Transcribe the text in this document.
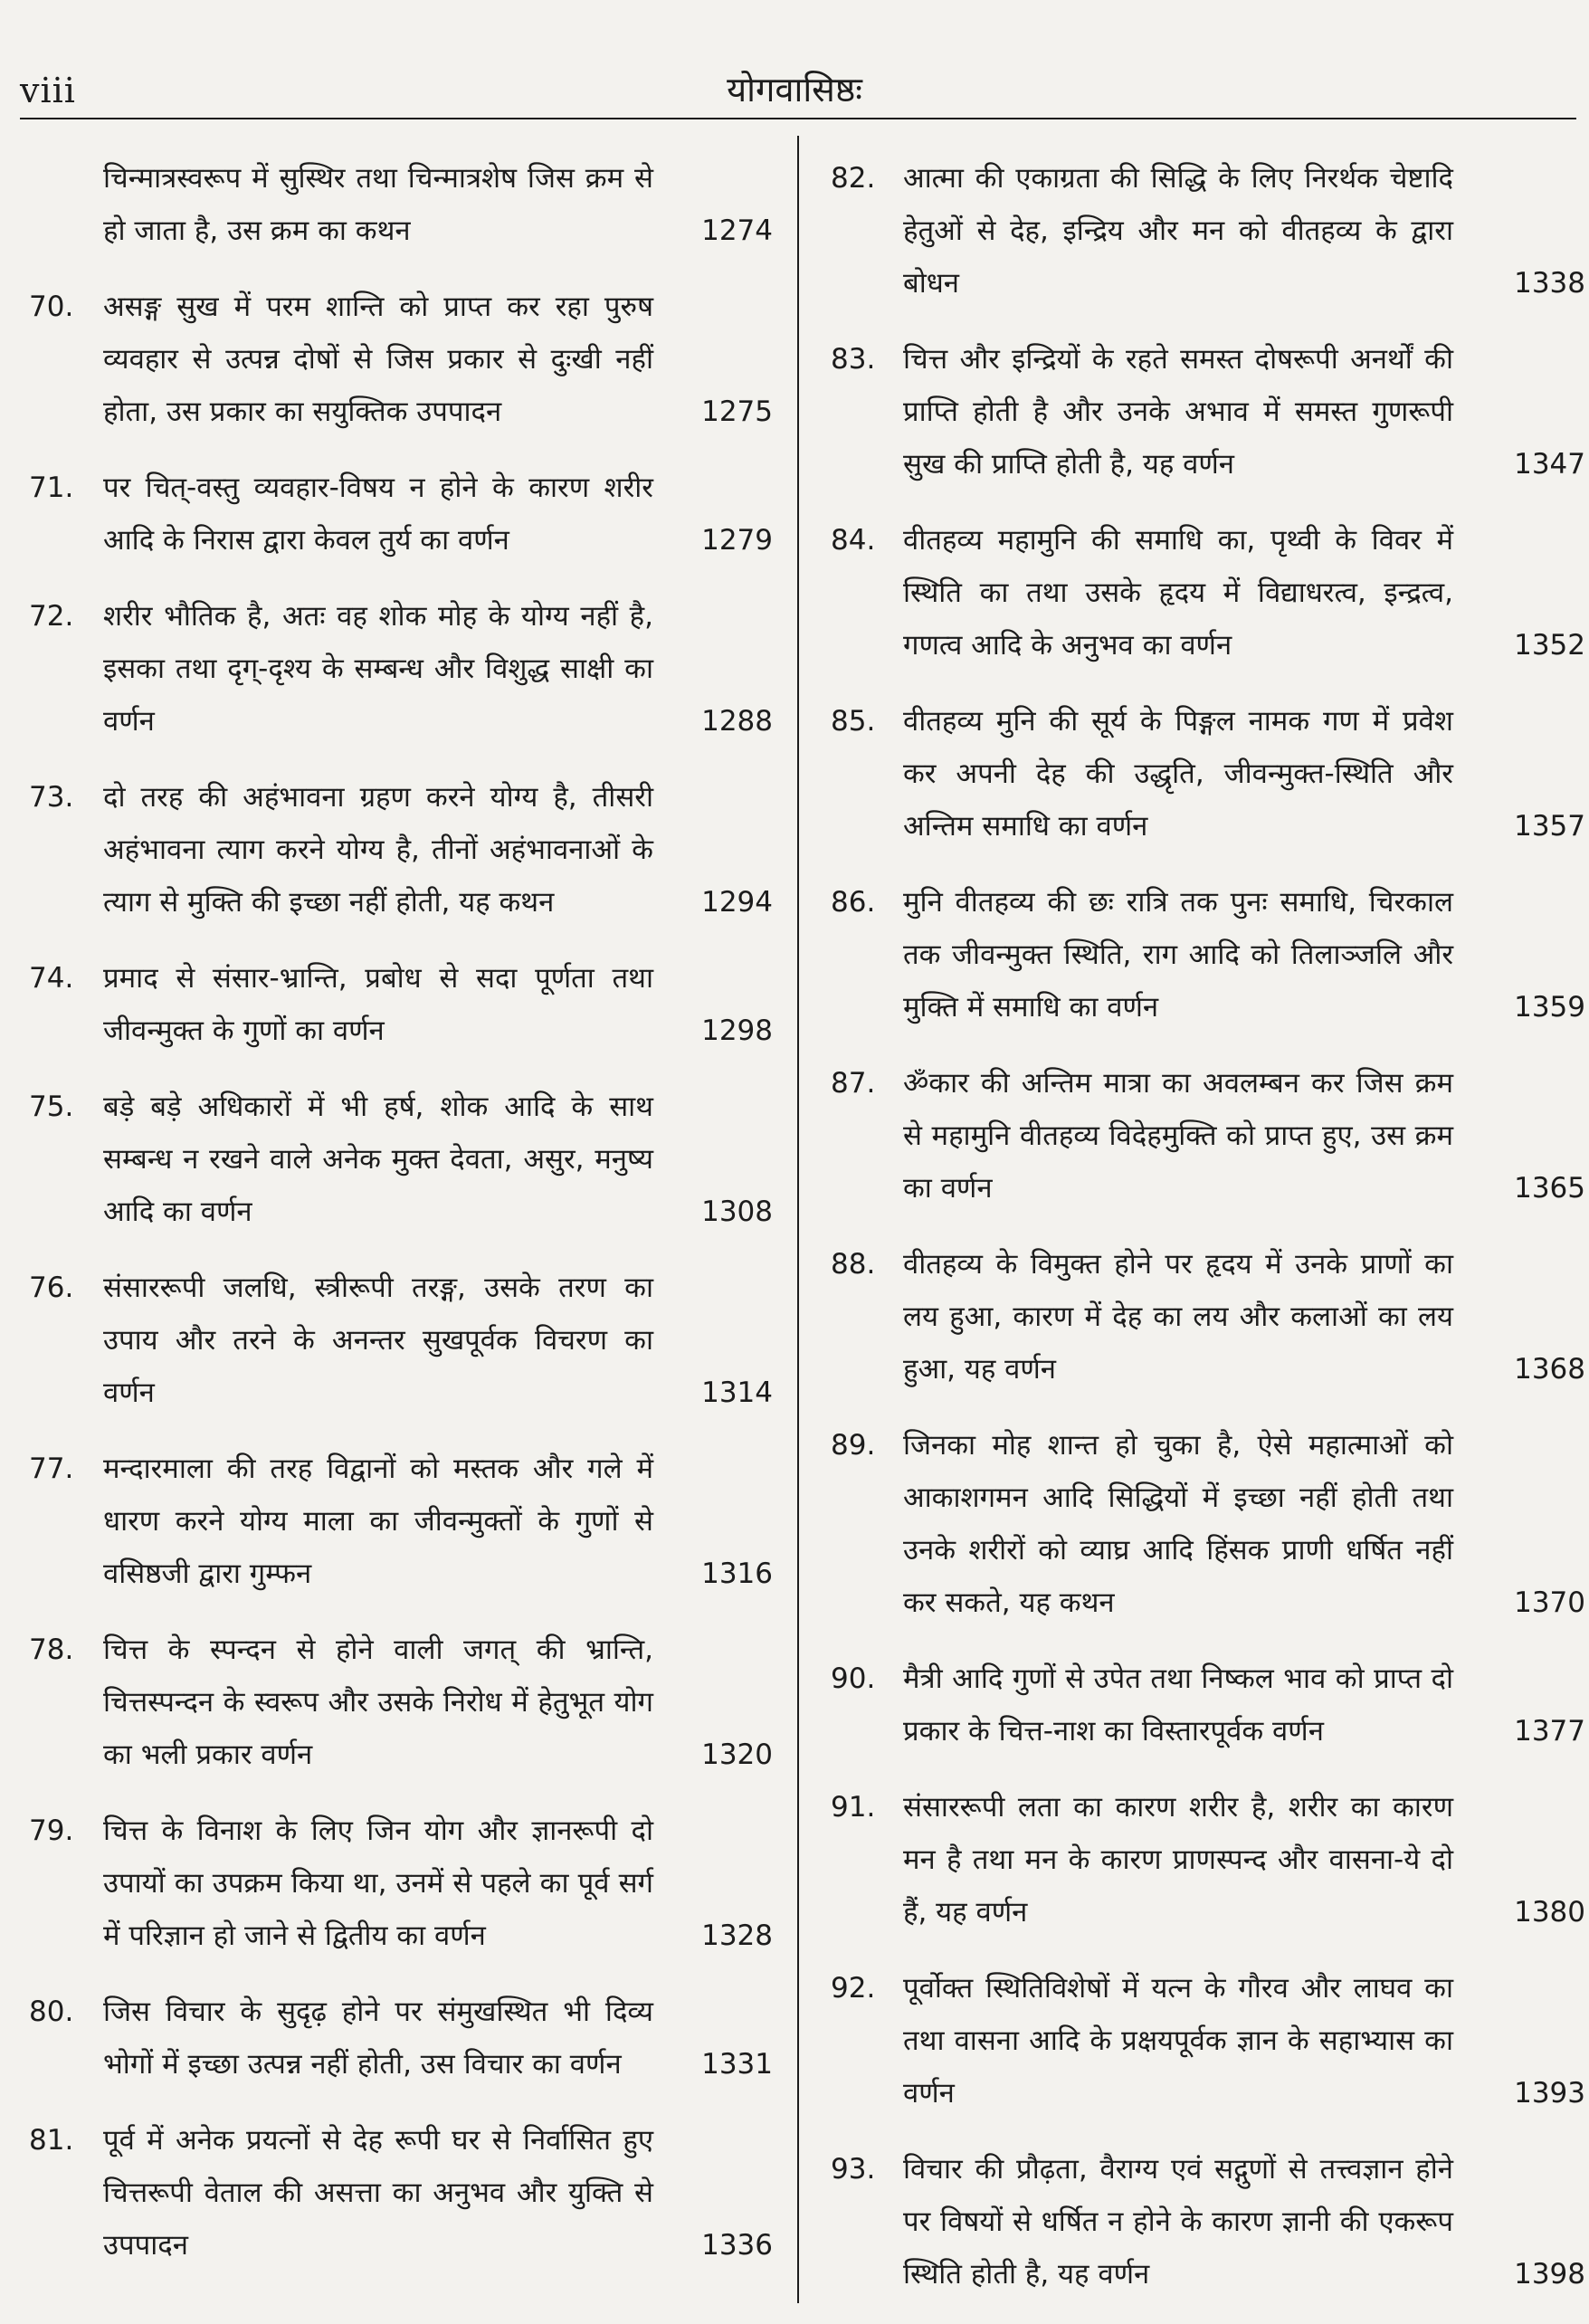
viii	योगवासिष्ठः
चिन्मात्रस्वरूप में सुस्थिर तथा चिन्मात्रशेष जिस क्रम से हो जाता है, उस क्रम का कथन	1274
70. असङ्ग सुख में परम शान्ति को प्राप्त कर रहा पुरुष व्यवहार से उत्पन्न दोषों से जिस प्रकार से दुःखी नहीं होता, उस प्रकार का सयुक्तिक उपपादन	1275
71. पर चित्-वस्तु व्यवहार-विषय न होने के कारण शरीर आदि के निरास द्वारा केवल तुर्य का वर्णन	1279
72. शरीर भौतिक है, अतः वह शोक मोह के योग्य नहीं है, इसका तथा दृग्-दृश्य के सम्बन्ध और विशुद्ध साक्षी का वर्णन	1288
73. दो तरह की अहंभावना ग्रहण करने योग्य है, तीसरी अहंभावना त्याग करने योग्य है, तीनों अहंभावनाओं के त्याग से मुक्ति की इच्छा नहीं होती, यह कथन	1294
74. प्रमाद से संसार-भ्रान्ति, प्रबोध से सदा पूर्णता तथा जीवन्मुक्त के गुणों का वर्णन	1298
75. बड़े बड़े अधिकारों में भी हर्ष, शोक आदि के साथ सम्बन्ध न रखने वाले अनेक मुक्त देवता, असुर, मनुष्य आदि का वर्णन	1308
76. संसाररूपी जलधि, स्त्रीरूपी तरङ्ग, उसके तरण का उपाय और तरने के अनन्तर सुखपूर्वक विचरण का वर्णन	1314
77. मन्दारमाला की तरह विद्वानों को मस्तक और गले में धारण करने योग्य माला का जीवन्मुक्तों के गुणों से वसिष्ठजी द्वारा गुम्फन	1316
78. चित्त के स्पन्दन से होने वाली जगत् की भ्रान्ति, चित्तस्पन्दन के स्वरूप और उसके निरोध में हेतुभूत योग का भली प्रकार वर्णन	1320
79. चित्त के विनाश के लिए जिन योग और ज्ञानरूपी दो उपायों का उपक्रम किया था, उनमें से पहले का पूर्व सर्ग में परिज्ञान हो जाने से द्वितीय का वर्णन	1328
80. जिस विचार के सुदृढ़ होने पर संमुखस्थित भी दिव्य भोगों में इच्छा उत्पन्न नहीं होती, उस विचार का वर्णन	1331
81. पूर्व में अनेक प्रयत्नों से देह रूपी घर से निर्वासित हुए चित्तरूपी वेताल की असत्ता का अनुभव और युक्ति से उपपादन	1336
82. आत्मा की एकाग्रता की सिद्धि के लिए निरर्थक चेष्टादि हेतुओं से देह, इन्द्रिय और मन को वीतहव्य के द्वारा बोधन	1338
83. चित्त और इन्द्रियों के रहते समस्त दोषरूपी अनर्थों की प्राप्ति होती है और उनके अभाव में समस्त गुणरूपी सुख की प्राप्ति होती है, यह वर्णन	1347
84. वीतहव्य महामुनि की समाधि का, पृथ्वी के विवर में स्थिति का तथा उसके हृदय में विद्याधरत्व, इन्द्रत्व, गणत्व आदि के अनुभव का वर्णन	1352
85. वीतहव्य मुनि की सूर्य के पिङ्गल नामक गण में प्रवेश कर अपनी देह की उद्धृति, जीवन्मुक्त-स्थिति और अन्तिम समाधि का वर्णन	1357
86. मुनि वीतहव्य की छः रात्रि तक पुनः समाधि, चिरकाल तक जीवन्मुक्त स्थिति, राग आदि को तिलाञ्जलि और मुक्ति में समाधि का वर्णन	1359
87. ॐकार की अन्तिम मात्रा का अवलम्बन कर जिस क्रम से महामुनि वीतहव्य विदेहमुक्ति को प्राप्त हुए, उस क्रम का वर्णन	1365
88. वीतहव्य के विमुक्त होने पर हृदय में उनके प्राणों का लय हुआ, कारण में देह का लय और कलाओं का लय हुआ, यह वर्णन	1368
89. जिनका मोह शान्त हो चुका है, ऐसे महात्माओं को आकाशगमन आदि सिद्धियों में इच्छा नहीं होती तथा उनके शरीरों को व्याघ्र आदि हिंसक प्राणी धर्षित नहीं कर सकते, यह कथन	1370
90. मैत्री आदि गुणों से उपेत तथा निष्कल भाव को प्राप्त दो प्रकार के चित्त-नाश का विस्तारपूर्वक वर्णन	1377
91. संसाररूपी लता का कारण शरीर है, शरीर का कारण मन है तथा मन के कारण प्राणस्पन्द और वासना-ये दो हैं, यह वर्णन	1380
92. पूर्वोक्त स्थितिविशेषों में यत्न के गौरव और लाघव का तथा वासना आदि के प्रक्षयपूर्वक ज्ञान के सहाभ्यास का वर्णन	1393
93. विचार की प्रौढ़ता, वैराग्य एवं सद्गुणों से तत्त्वज्ञान होने पर विषयों से धर्षित न होने के कारण ज्ञानी की एकरूप स्थिति होती है, यह वर्णन	1398
